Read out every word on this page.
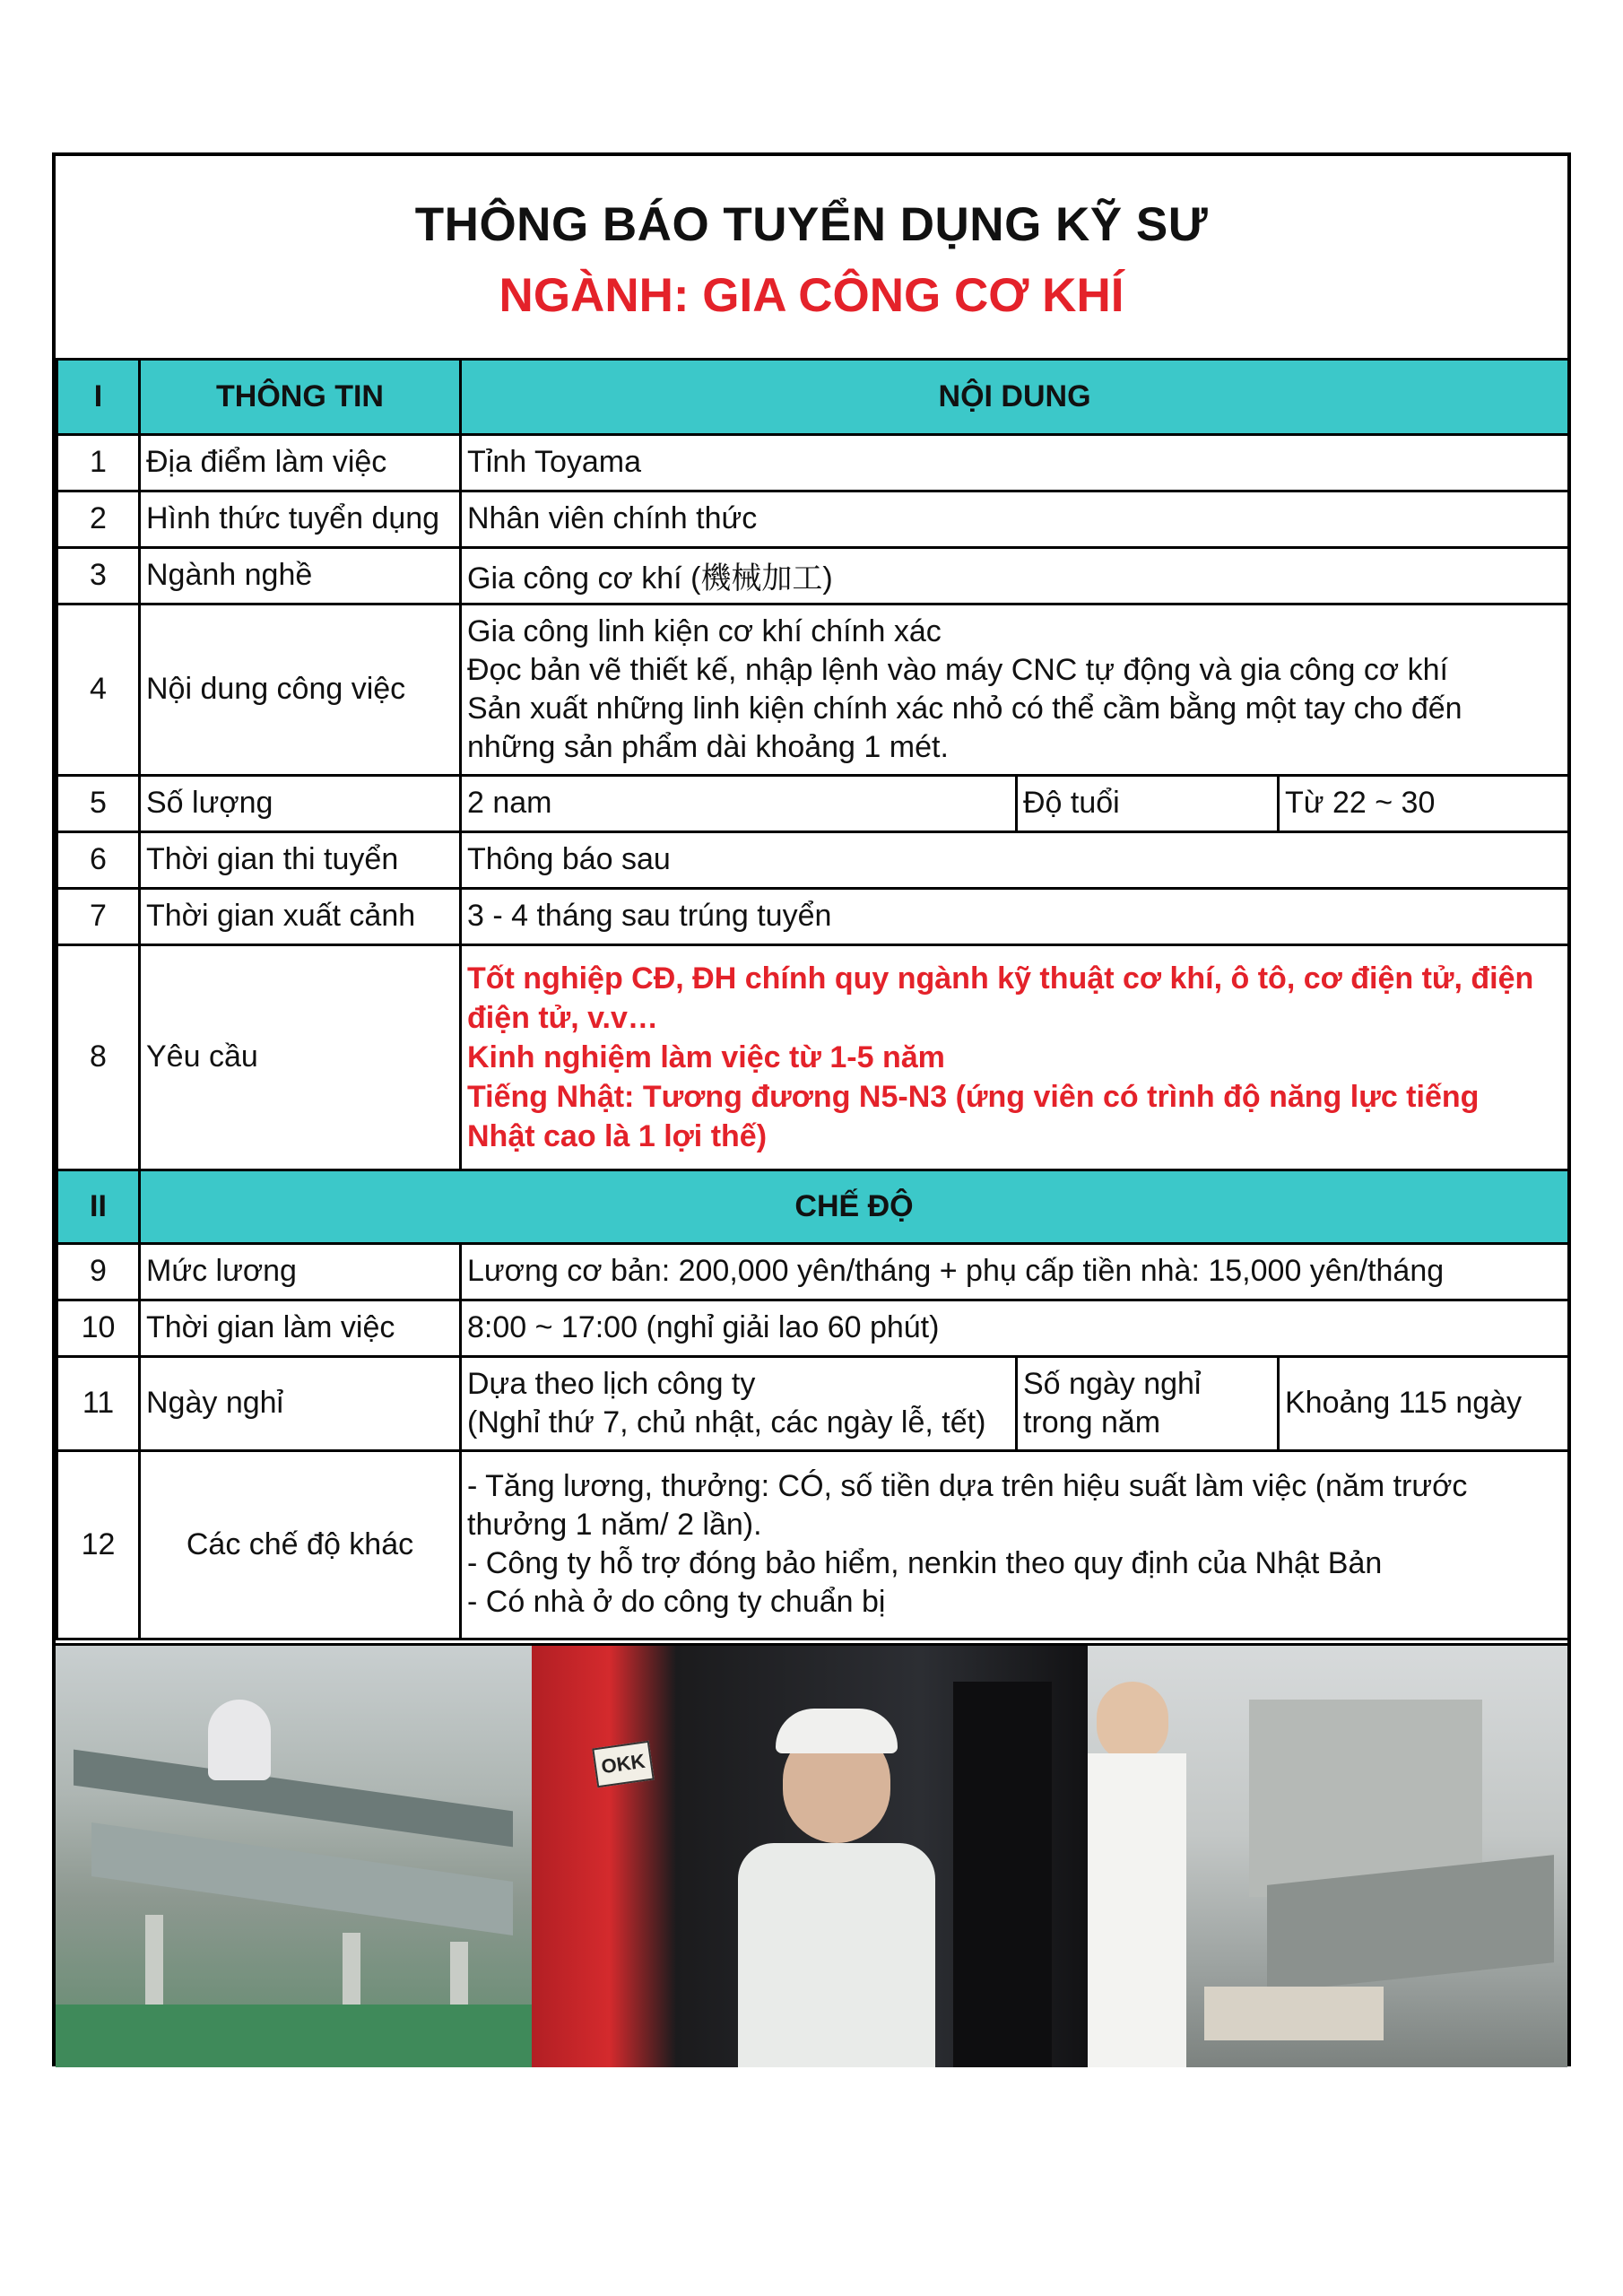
THÔNG BÁO TUYỂN DỤNG KỸ SƯ
NGÀNH: GIA CÔNG CƠ KHÍ
I	THÔNG TIN	NỘI DUNG		
1	Địa điểm làm việc	Tỉnh Toyama		
2	Hình thức tuyển dụng	Nhân viên chính thức		
3	Ngành nghề	Gia công cơ khí (機械加工)		
4	Nội dung công việc	Gia công linh kiện cơ khí chính xác
Đọc bản vẽ thiết kế, nhập lệnh vào máy CNC tự động và gia công cơ khí
Sản xuất những linh kiện chính xác nhỏ có thể cầm bằng một tay cho đến
những sản phẩm dài khoảng 1 mét.		

5	Số lượng	2 nam	Độ tuổi	Từ 22 ~ 30
6	Thời gian thi tuyển	Thông báo sau		
7	Thời gian xuất cảnh	3 - 4 tháng sau trúng tuyển		
8	Yêu cầu	Tốt nghiệp CĐ, ĐH chính quy ngành kỹ thuật cơ khí, ô tô, cơ điện tử, điện
điện tử, v.v…
Kinh nghiệm làm việc từ 1-5 năm
Tiếng Nhật: Tương đương N5-N3 (ứng viên có trình độ năng lực tiếng
Nhật cao là 1 lợi thế)		

II	CHẾ ĐỘ			
9	Mức lương	Lương cơ bản: 200,000 yên/tháng + phụ cấp tiền nhà: 15,000 yên/tháng		
10	Thời gian làm việc	8:00 ~ 17:00 (nghỉ giải lao 60 phút)		
11	Ngày nghỉ	Dựa theo lịch công ty
(Nghỉ thứ 7, chủ nhật, các ngày lễ, tết)	Số ngày nghỉ
trong năm	Khoảng 115 ngày
12	Các chế độ khác	- Tăng lương, thưởng: CÓ, số tiền dựa trên hiệu suất làm việc (năm trước
thưởng 1 năm/ 2 lần).
- Công ty hỗ trợ đóng bảo hiểm, nenkin theo quy định của Nhật Bản
- Có nhà ở do công ty chuẩn bị		
OKK
